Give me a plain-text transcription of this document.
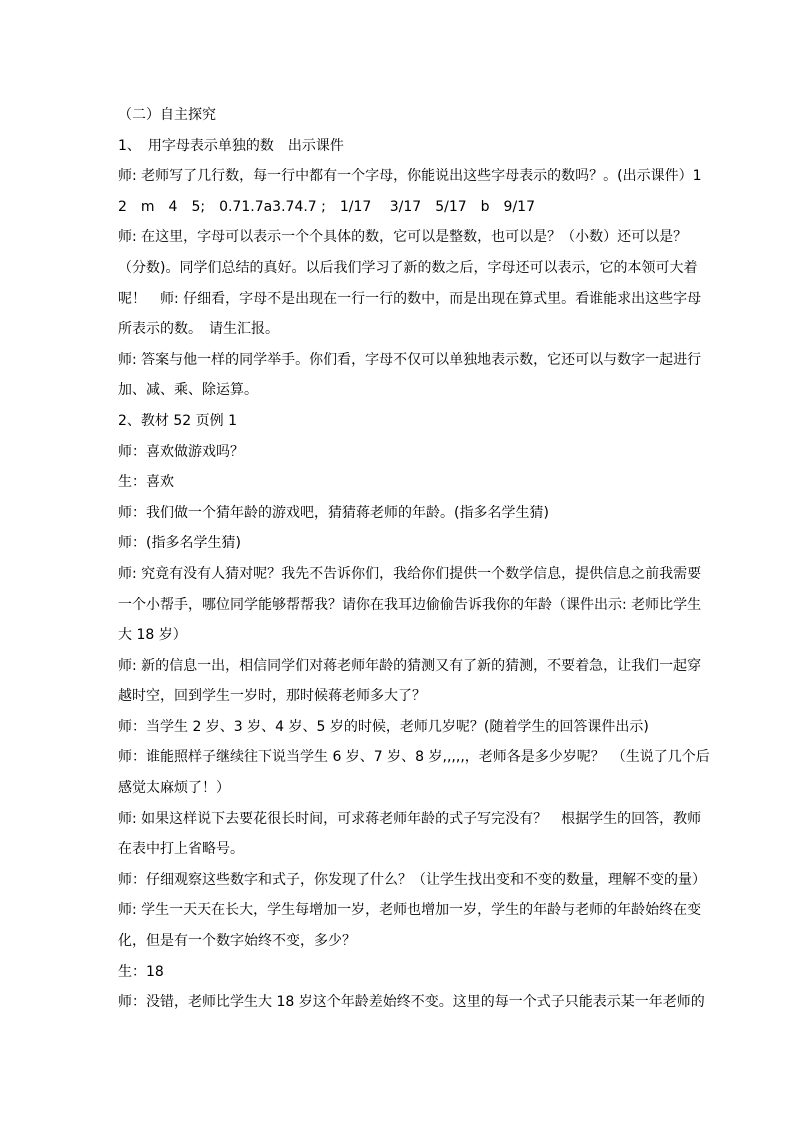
（二）自主探究
1、　用字母表示单独的数　出示课件
师: 老师写了几行数，每一行中都有一个字母，你能说出这些字母表示的数吗？。(出示课件）1
2　m　4　5;　0.71.7a3.74.7 ;　1/17　 3/17　5/17　b　9/17
师: 在这里，字母可以表示一个个具体的数，它可以是整数，也可以是？（小数）还可以是？
（分数)。同学们总结的真好。以后我们学习了新的数之后，字母还可以表示，它的本领可大着
呢！　师: 仔细看，字母不是出现在一行一行的数中，而是出现在算式里。看谁能求出这些字母
所表示的数。　请生汇报。
师: 答案与他一样的同学举手。你们看，字母不仅可以单独地表示数，它还可以与数字一起进行
加、减、乘、除运算。
2、教材 52 页例 1
师：喜欢做游戏吗？
生：喜欢
师：我们做一个猜年龄的游戏吧，猜猜蒋老师的年龄。(指多名学生猜)
师：(指多名学生猜)
师: 究竟有没有人猜对呢？我先不告诉你们，我给你们提供一个数学信息，提供信息之前我需要
一个小帮手，哪位同学能够帮帮我？请你在我耳边偷偷告诉我你的年龄（课件出示: 老师比学生
大 18 岁）
师: 新的信息一出，相信同学们对蒋老师年龄的猜测又有了新的猜测，不要着急，让我们一起穿
越时空，回到学生一岁时，那时候蒋老师多大了？
师：当学生 2 岁、3 岁、4 岁、5 岁的时候，老师几岁呢？(随着学生的回答课件出示)
师：谁能照样子继续往下说当学生 6 岁、7 岁、8 岁,,,,,，老师各是多少岁呢？　（生说了几个后
感觉太麻烦了！）
师: 如果这样说下去要花很长时间，可求蒋老师年龄的式子写完没有？　根据学生的回答，教师
在表中打上省略号。
师：仔细观察这些数字和式子，你发现了什么？（让学生找出变和不变的数量，理解不变的量）
师: 学生一天天在长大，学生每增加一岁，老师也增加一岁，学生的年龄与老师的年龄始终在变
化，但是有一个数字始终不变，多少？
生：18
师：没错，老师比学生大 18 岁这个年龄差始终不变。这里的每一个式子只能表示某一年老师的
